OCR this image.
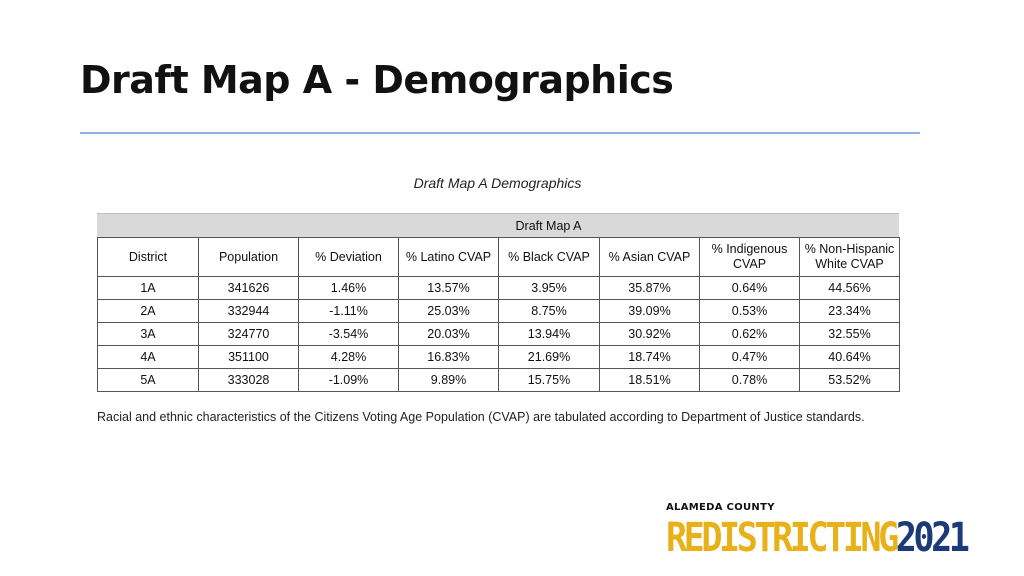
Draft Map A - Demographics
Draft Map A Demographics
Draft Map A
District	Population	% Deviation	% Latino CVAP	% Black CVAP	% Asian CVAP	% Indigenous CVAP	% Non-Hispanic White CVAP
1A	341626	1.46%	13.57%	3.95%	35.87%	0.64%	44.56%
2A	332944	-1.11%	25.03%	8.75%	39.09%	0.53%	23.34%
3A	324770	-3.54%	20.03%	13.94%	30.92%	0.62%	32.55%
4A	351100	4.28%	16.83%	21.69%	18.74%	0.47%	40.64%
5A	333028	-1.09%	9.89%	15.75%	18.51%	0.78%	53.52%
Racial and ethnic characteristics of the Citizens Voting Age Population (CVAP) are tabulated according to Department of Justice standards.
ALAMEDA COUNTY
REDISTRICTING2021
